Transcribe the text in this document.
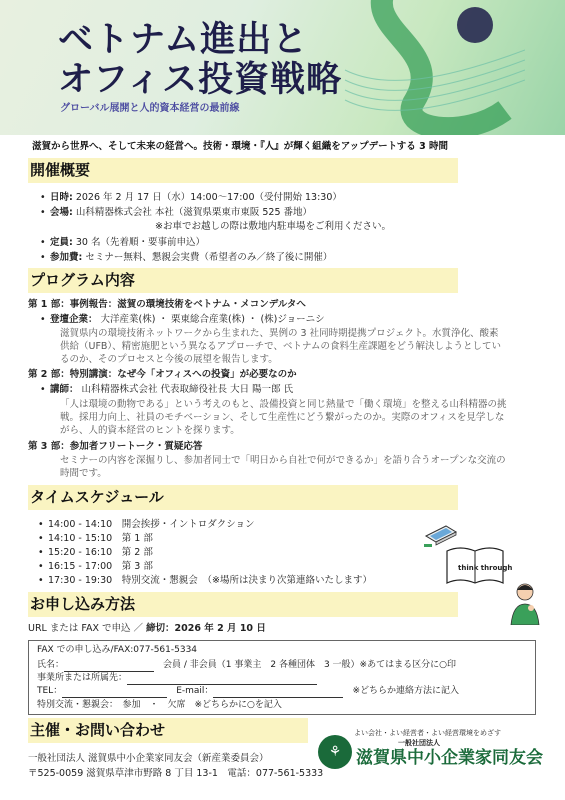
ベトナム進出と
オフィス投資戦略
グローバル展開と人的資本経営の最前線
滋賀から世界へ、そして未来の経営へ。技術・環境・『人』が輝く組織をアップデートする 3 時間
開催概要
• 日時: 2026 年 2 月 17 日（水）14:00～17:00（受付開始 13:30）
• 会場: 山科精器株式会社 本社（滋賀県栗東市東阪 525 番地）
※お車でお越しの際は敷地内駐車場をご利用ください。
• 定員: 30 名（先着順・要事前申込）
• 参加費: セミナー無料、懇親会実費（希望者のみ／終了後に開催）
プログラム内容
第 1 部：事例報告：滋賀の環境技術をベトナム・メコンデルタへ
• 登壇企業： 大洋産業(株) ・ 栗東総合産業(株) ・ (株)ジョーニシ
滋賀県内の環境技術ネットワークから生まれた、異例の 3 社同時期提携プロジェクト。水質浄化、酸素
供給（UFB）、精密施肥という異なるアプローチで、ベトナムの食料生産課題をどう解決しようとしてい
るのか、そのプロセスと今後の展望を報告します。
第 2 部：特別講演：なぜ今「オフィスへの投資」が必要なのか
• 講師： 山科精器株式会社 代表取締役社長 大日 陽一郎 氏
「人は環境の動物である」という考えのもと、設備投資と同じ熱量で「働く環境」を整える山科精器の挑
戦。採用力向上、社員のモチベーション、そして生産性にどう繋がったのか。実際のオフィスを見学しな
がら、人的資本経営のヒントを探ります。
第 3 部：参加者フリートーク・質疑応答
セミナーの内容を深掘りし、参加者同士で「明日から自社で何ができるか」を語り合うオープンな交流の
時間です。
タイムスケジュール
• 14:00 - 14:10　 開会挨拶・イントロダクション
• 14:10 - 15:10　 第 1 部
• 15:20 - 16:10　 第 2 部
• 16:15 - 17:00　 第 3 部
• 17:30 - 19:30　 特別交流・懇親会　（※場所は決まり次第連絡いたします）
think through
お申し込み方法
URL または FAX で申込 ／ 締切：2026 年 2 月 10 日
FAX での申し込み/FAX:077-561-5334
氏名：　	会員 / 非会員（1 事業主　2 各種団体　3 一般）※あてはまる区分に○印
事業所または所属先：
TEL：　	E-mail：　	※どちらか連絡方法に記入
特別交流・懇親会：　参加　・　欠席　※どちらかに○を記入
主催・お問い合わせ
一般社団法人 滋賀県中小企業家同友会（新産業委員会）
〒525-0059 滋賀県草津市野路 8 丁目 13-1　電話：077-561-5333
よい会社・よい経営者・よい経営環境をめざす
⚘
一般社団法人
滋賀県中小企業家同友会
